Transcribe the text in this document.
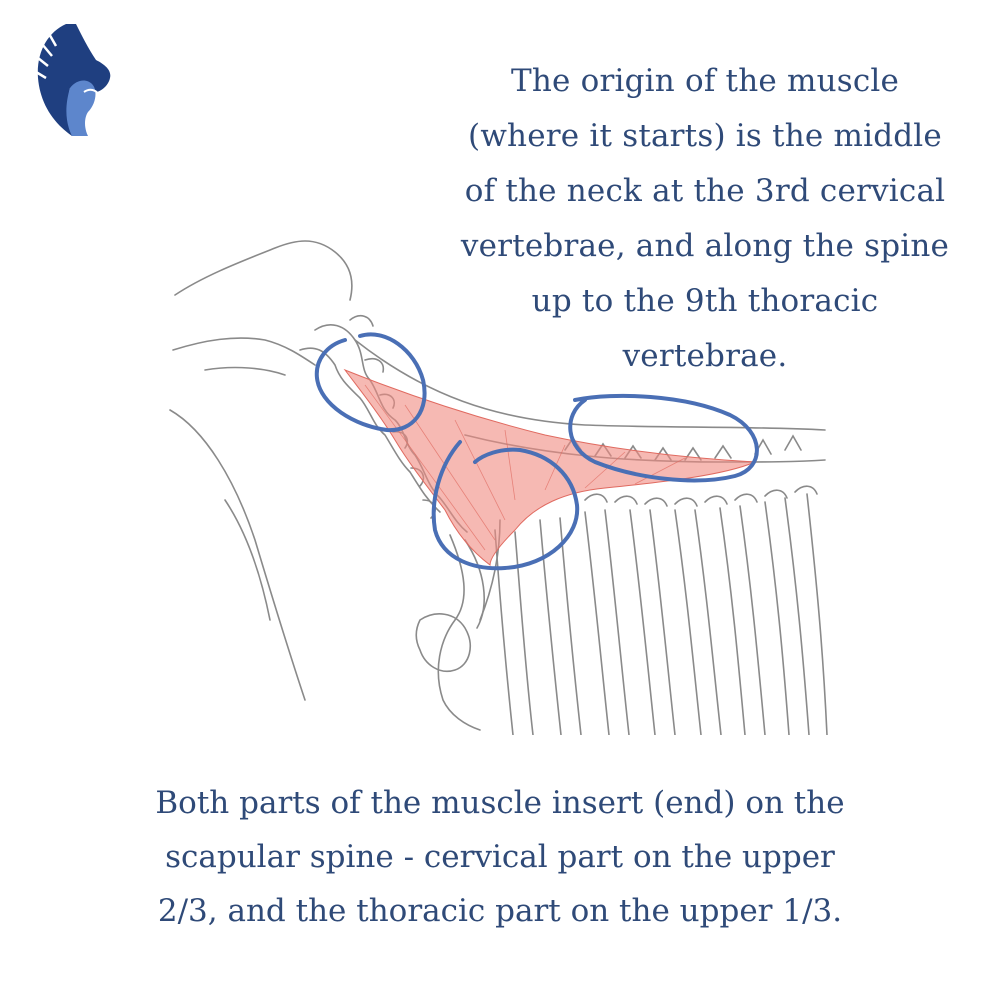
The origin of the muscle
(where it starts) is the middle
of the neck at the 3rd cervical
vertebrae, and along the spine
up to the 9th thoracic
vertebrae.
Both parts of the muscle insert (end) on the
scapular spine - cervical part on the upper
2/3, and the thoracic part on the upper 1/3.
